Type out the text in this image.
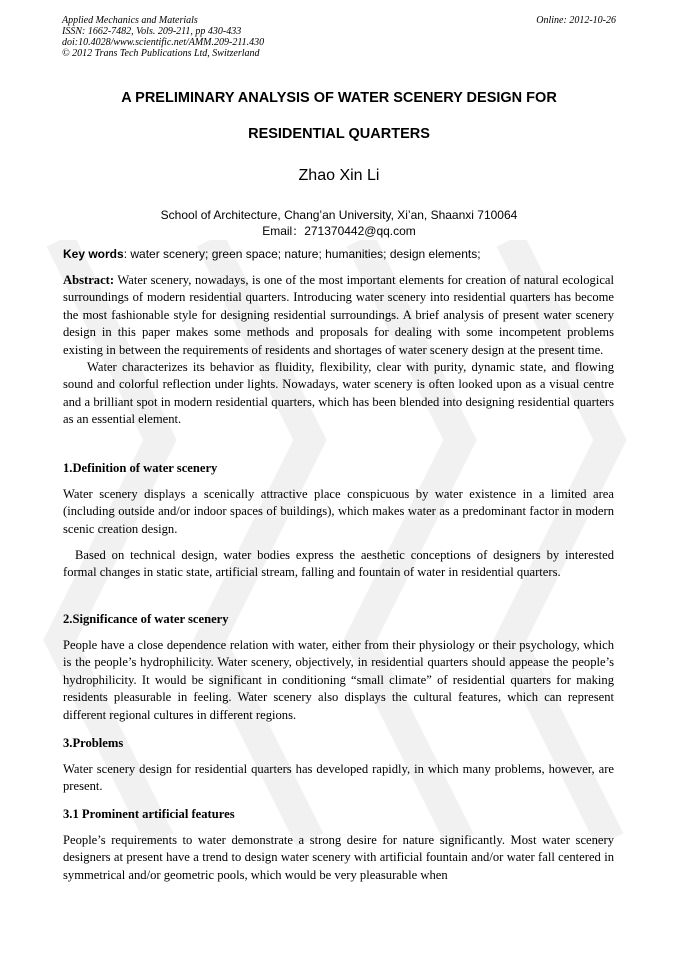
Applied Mechanics and Materials
ISSN: 1662-7482, Vols. 209-211, pp 430-433
doi:10.4028/www.scientific.net/AMM.209-211.430
© 2012 Trans Tech Publications Ltd, Switzerland
Online: 2012-10-26
A PRELIMINARY ANALYSIS OF WATER SCENERY DESIGN FOR
RESIDENTIAL QUARTERS
Zhao Xin Li
School of Architecture, Chang’an University, Xi’an, Shaanxi 710064
Email：271370442@qq.com
Key words: water scenery; green space; nature; humanities; design elements;
Abstract: Water scenery, nowadays, is one of the most important elements for creation of natural ecological surroundings of modern residential quarters. Introducing water scenery into residential quarters has become the most fashionable style for designing residential surroundings. A brief analysis of present water scenery design in this paper makes some methods and proposals for dealing with some incompetent problems existing in between the requirements of residents and shortages of water scenery design at the present time.
Water characterizes its behavior as fluidity, flexibility, clear with purity, dynamic state, and flowing sound and colorful reflection under lights. Nowadays, water scenery is often looked upon as a visual centre and a brilliant spot in modern residential quarters, which has been blended into designing residential quarters as an essential element.
1.Definition of water scenery
Water scenery displays a scenically attractive place conspicuous by water existence in a limited area (including outside and/or indoor spaces of buildings), which makes water as a predominant factor in modern scenic creation design.
Based on technical design, water bodies express the aesthetic conceptions of designers by interested formal changes in static state, artificial stream, falling and fountain of water in residential quarters.
2.Significance of water scenery
People have a close dependence relation with water, either from their physiology or their psychology, which is the people’s hydrophilicity. Water scenery, objectively, in residential quarters should appease the people’s hydrophilicity. It would be significant in conditioning “small climate” of residential quarters for making residents pleasurable in feeling. Water scenery also displays the cultural features, which can represent different regional cultures in different regions.
3.Problems
Water scenery design for residential quarters has developed rapidly, in which many problems, however, are present.
3.1 Prominent artificial features
People’s requirements to water demonstrate a strong desire for nature significantly. Most water scenery designers at present have a trend to design water scenery with artificial fountain and/or water fall centered in symmetrical and/or geometric pools, which would be very pleasurable when
